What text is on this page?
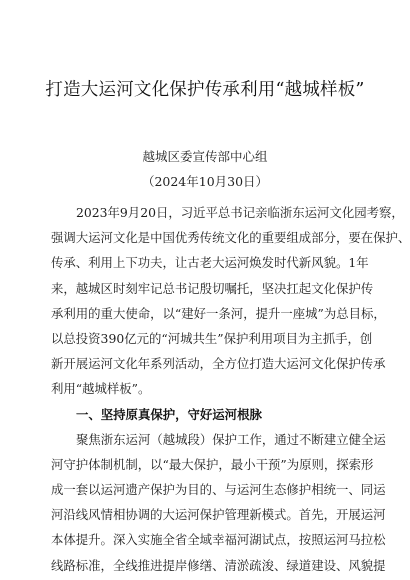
打造大运河文化保护传承利用“越城样板”
越城区委宣传部中心组
（2024年10月30日）
2023年9月20日，习近平总书记亲临浙东运河文化园考察，
强调大运河文化是中国优秀传统文化的重要组成部分，要在保护、
传承、利用上下功夫，让古老大运河焕发时代新风貌。1年
来，越城区时刻牢记总书记殷切嘱托，坚决扛起文化保护传
承利用的重大使命，以“建好一条河，提升一座城”为总目标，
以总投资390亿元的“河城共生”保护利用项目为主抓手，创
新开展运河文化年系列活动，全方位打造大运河文化保护传承
利用“越城样板”。
一、坚持原真保护，守好运河根脉
聚焦浙东运河（越城段）保护工作，通过不断建立健全运
河守护体制机制，以“最大保护，最小干预”为原则，探索形
成一套以运河遗产保护为目的、与运河生态修护相统一、同运
河沿线风情相协调的大运河保护管理新模式。首先，开展运河
本体提升。深入实施全省全域幸福河湖试点，按照运河马拉松
线路标准，全线推进提岸修缮、清淤疏浚、绿道建设、风貌提
